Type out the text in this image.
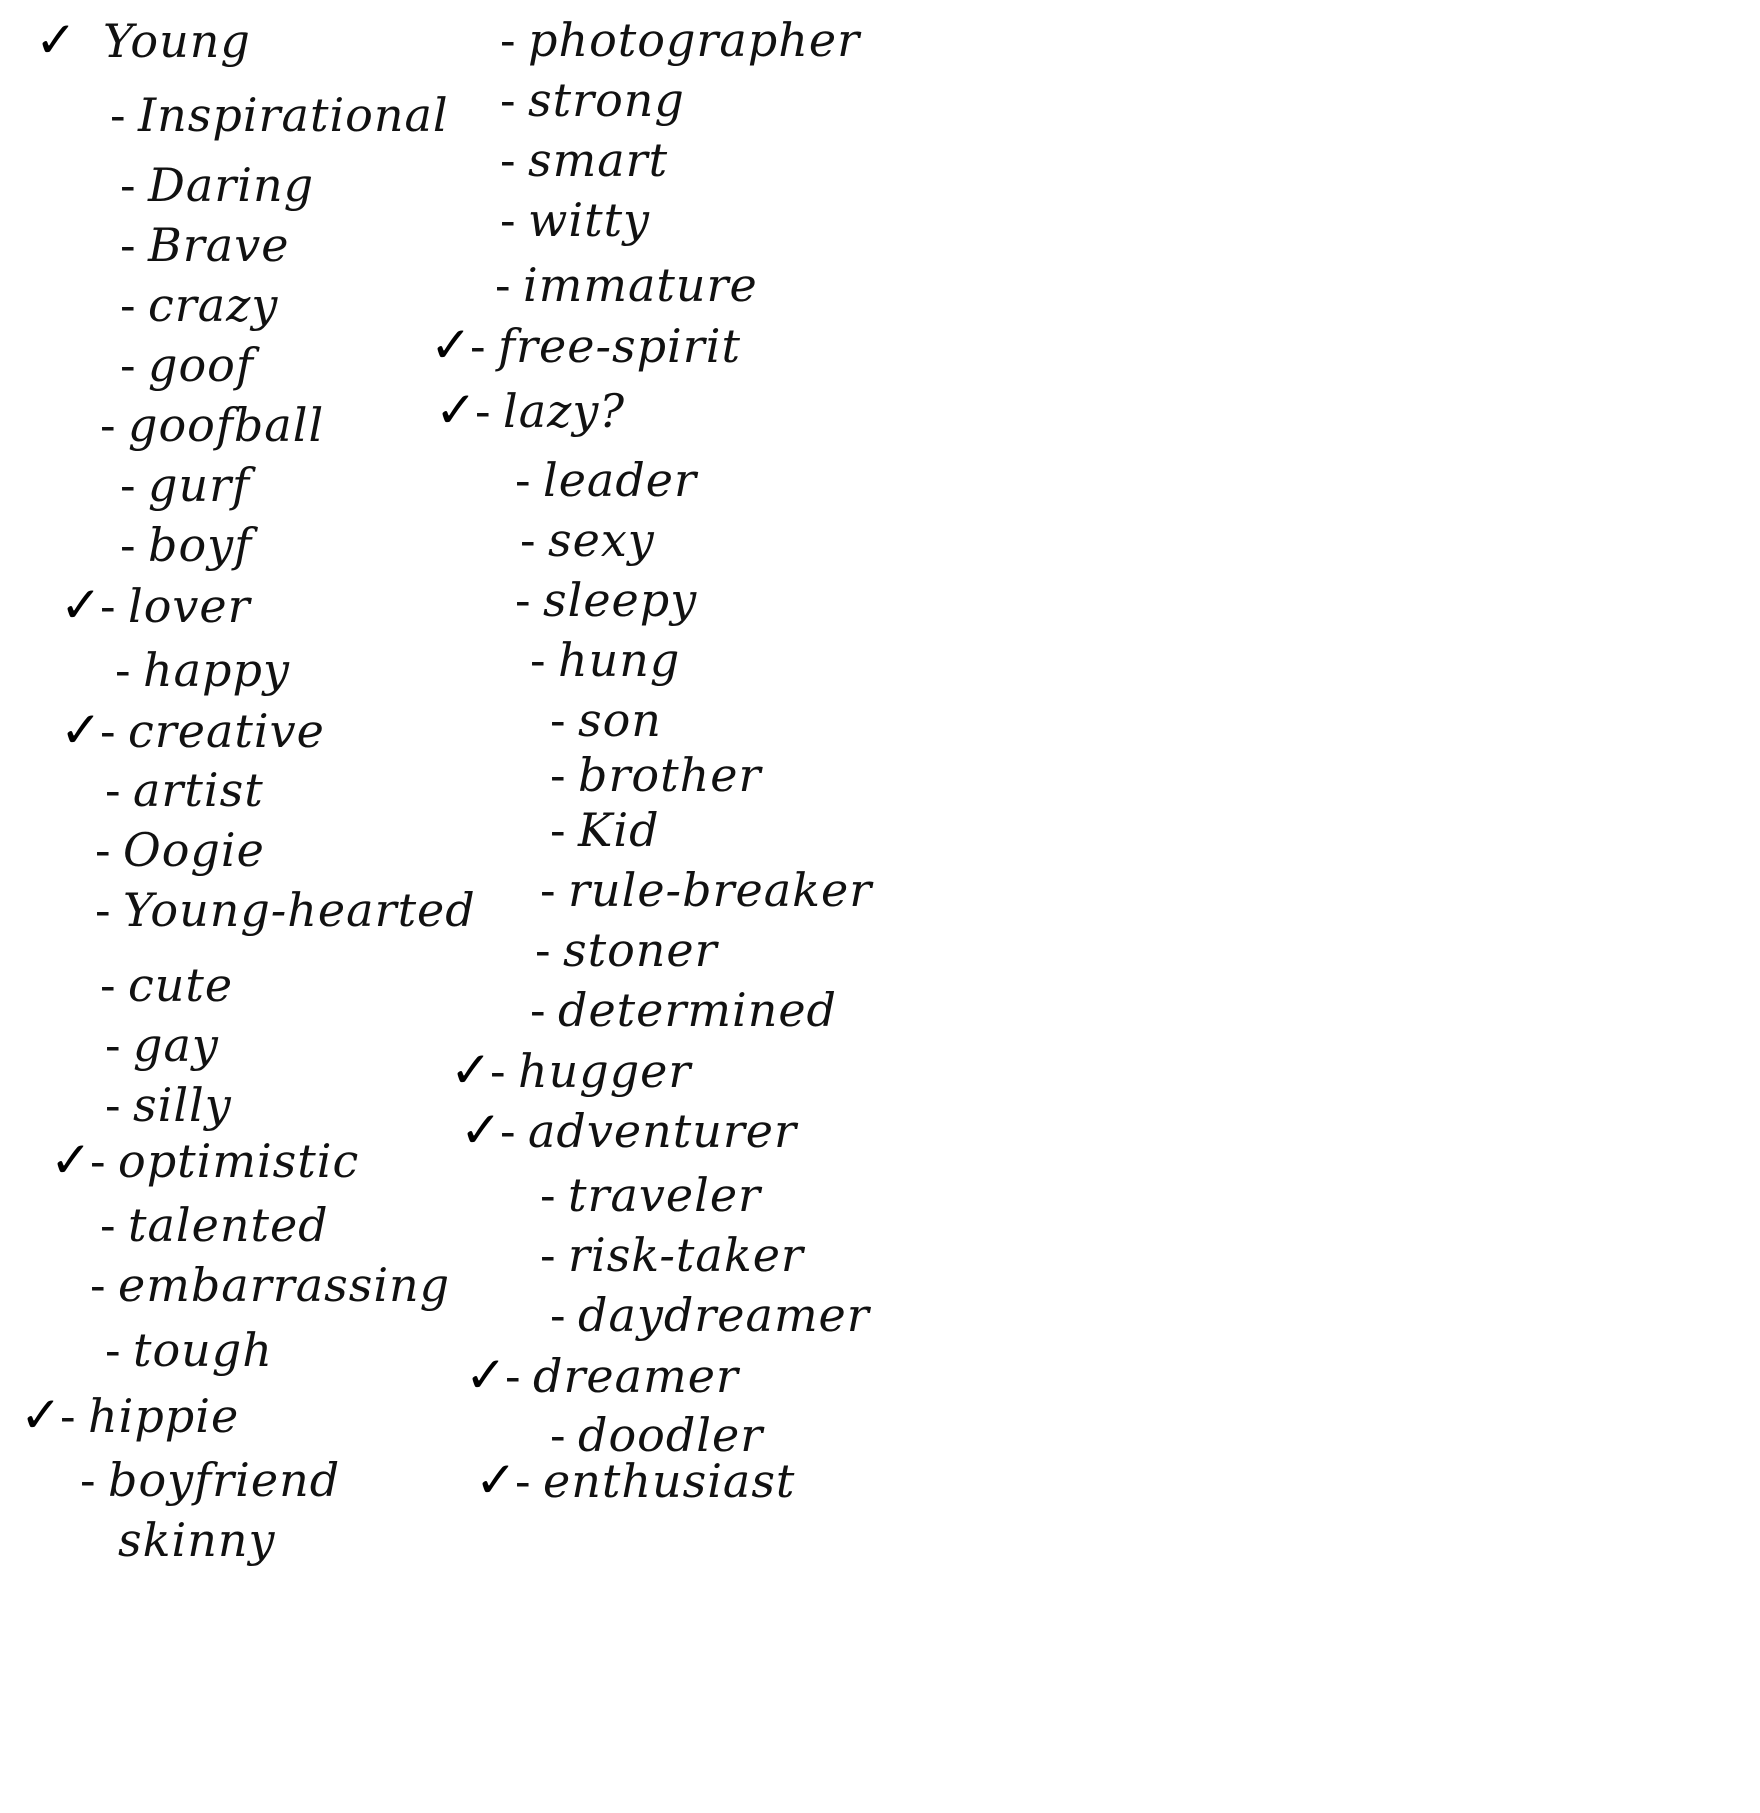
✓ Young
- Inspirational
- Daring
- Brave
- crazy
- goof
- goofball
- gurf
- boyf
✓- lover
- happy
✓- creative
- artist
- Oogie
- Young-hearted
- cute
- gay
- silly
✓- optimistic
- talented
- embarrassing
- tough
✓- hippie
- boyfriend
skinny
- photographer
- strong
- smart
- witty
- immature
✓- free-spirit
✓- lazy?
- leader
- sexy
- sleepy
- hung
- son
- brother
- Kid
- rule-breaker
- stoner
- determined
✓- hugger
✓- adventurer
- traveler
- risk-taker
- daydreamer
✓- dreamer
- doodler
✓- enthusiast
